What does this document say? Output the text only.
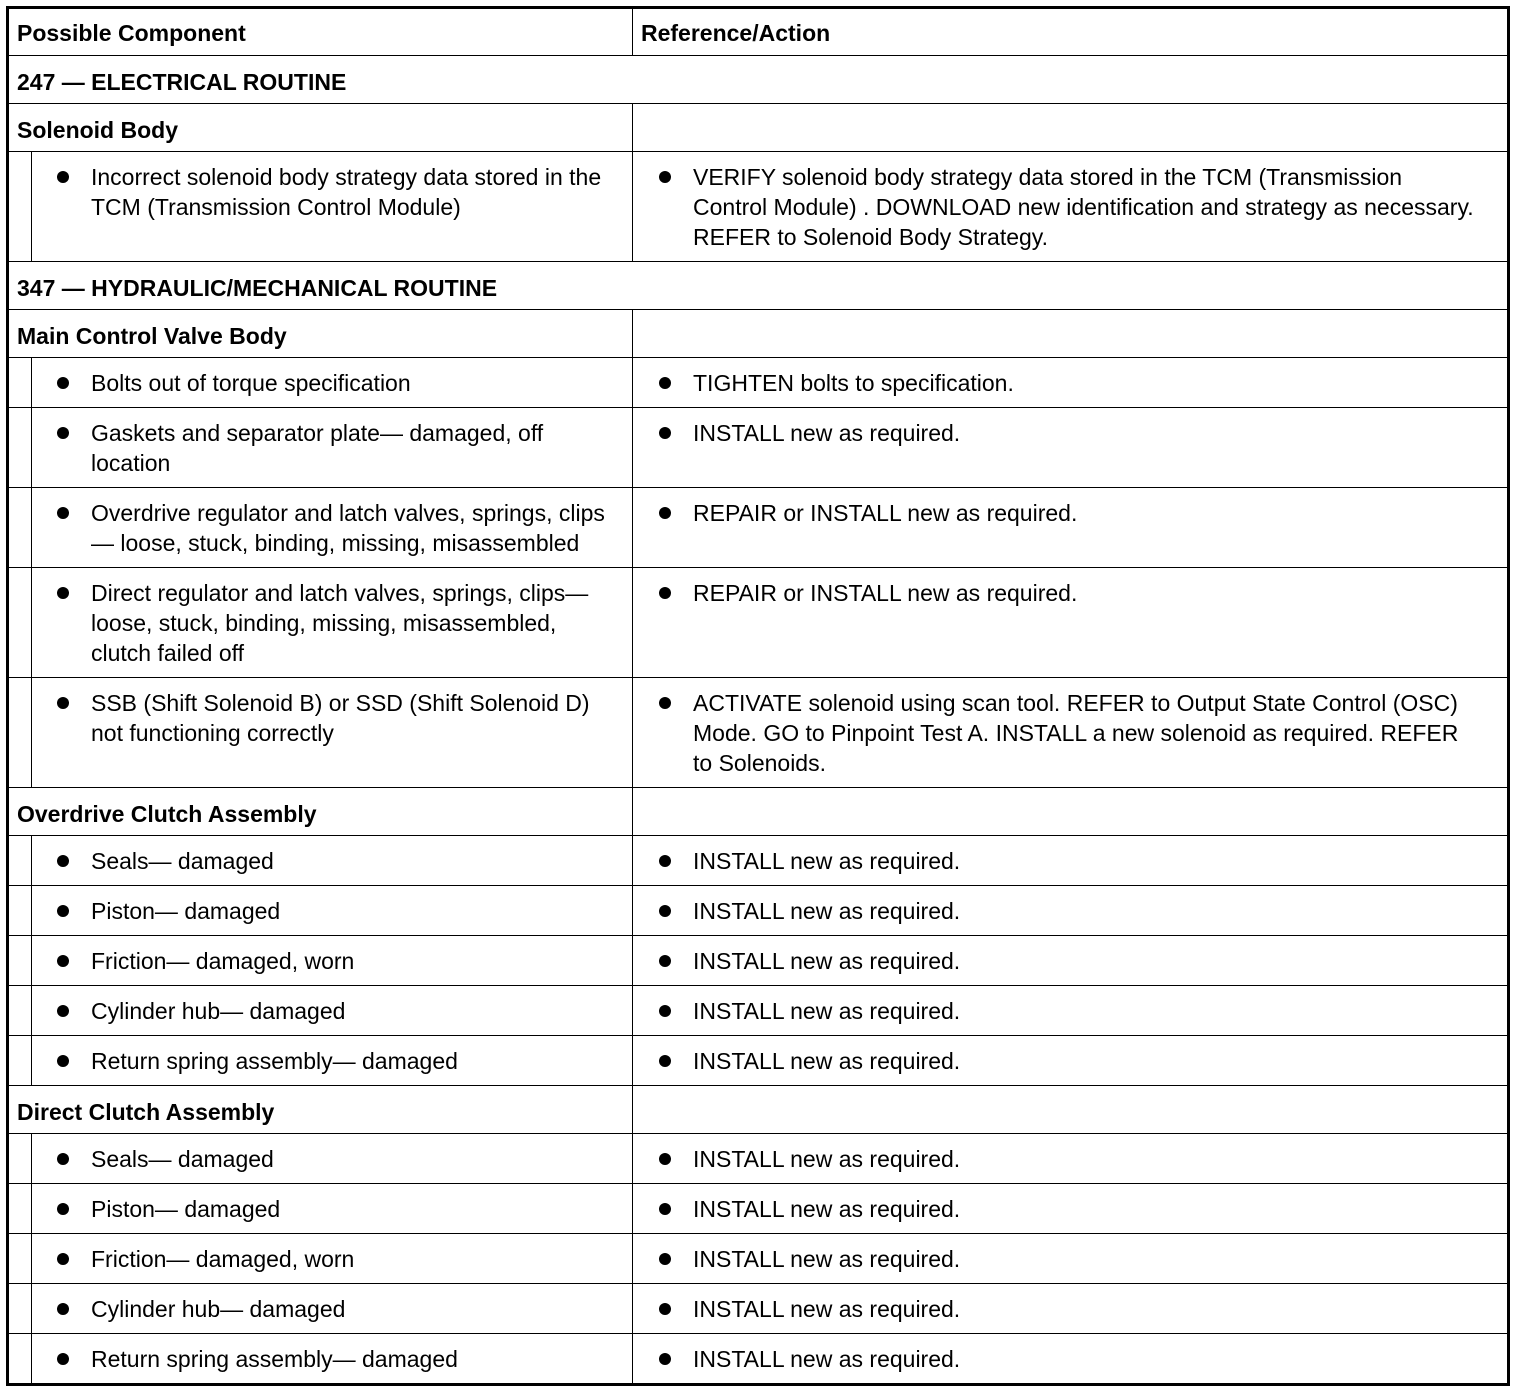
Possible Component	Reference/Action

247 — ELECTRICAL ROUTINE	

Solenoid Body	

Incorrect solenoid body strategy data stored in the TCM (Transmission Control Module)	VERIFY solenoid body strategy data stored in the TCM (Transmission Control Module) . DOWNLOAD new identification and strategy as necessary. REFER to Solenoid Body Strategy.

347 — HYDRAULIC/MECHANICAL ROUTINE	

Main Control Valve Body	

Bolts out of torque specification	TIGHTEN bolts to specification.

Gaskets and separator plate— damaged, off location	INSTALL new as required.

Overdrive regulator and latch valves, springs, clips— loose, stuck, binding, missing, misassembled	REPAIR or INSTALL new as required.

Direct regulator and latch valves, springs, clips— loose, stuck, binding, missing, misassembled, clutch failed off	REPAIR or INSTALL new as required.

SSB (Shift Solenoid B) or SSD (Shift Solenoid D) not functioning correctly	ACTIVATE solenoid using scan tool. REFER to Output State Control (OSC) Mode. GO to Pinpoint Test A. INSTALL a new solenoid as required. REFER to Solenoids.

Overdrive Clutch Assembly	

Seals— damaged	INSTALL new as required.

Piston— damaged	INSTALL new as required.

Friction— damaged, worn	INSTALL new as required.

Cylinder hub— damaged	INSTALL new as required.

Return spring assembly— damaged	INSTALL new as required.

Direct Clutch Assembly	

Seals— damaged	INSTALL new as required.

Piston— damaged	INSTALL new as required.

Friction— damaged, worn	INSTALL new as required.

Cylinder hub— damaged	INSTALL new as required.

Return spring assembly— damaged	INSTALL new as required.
